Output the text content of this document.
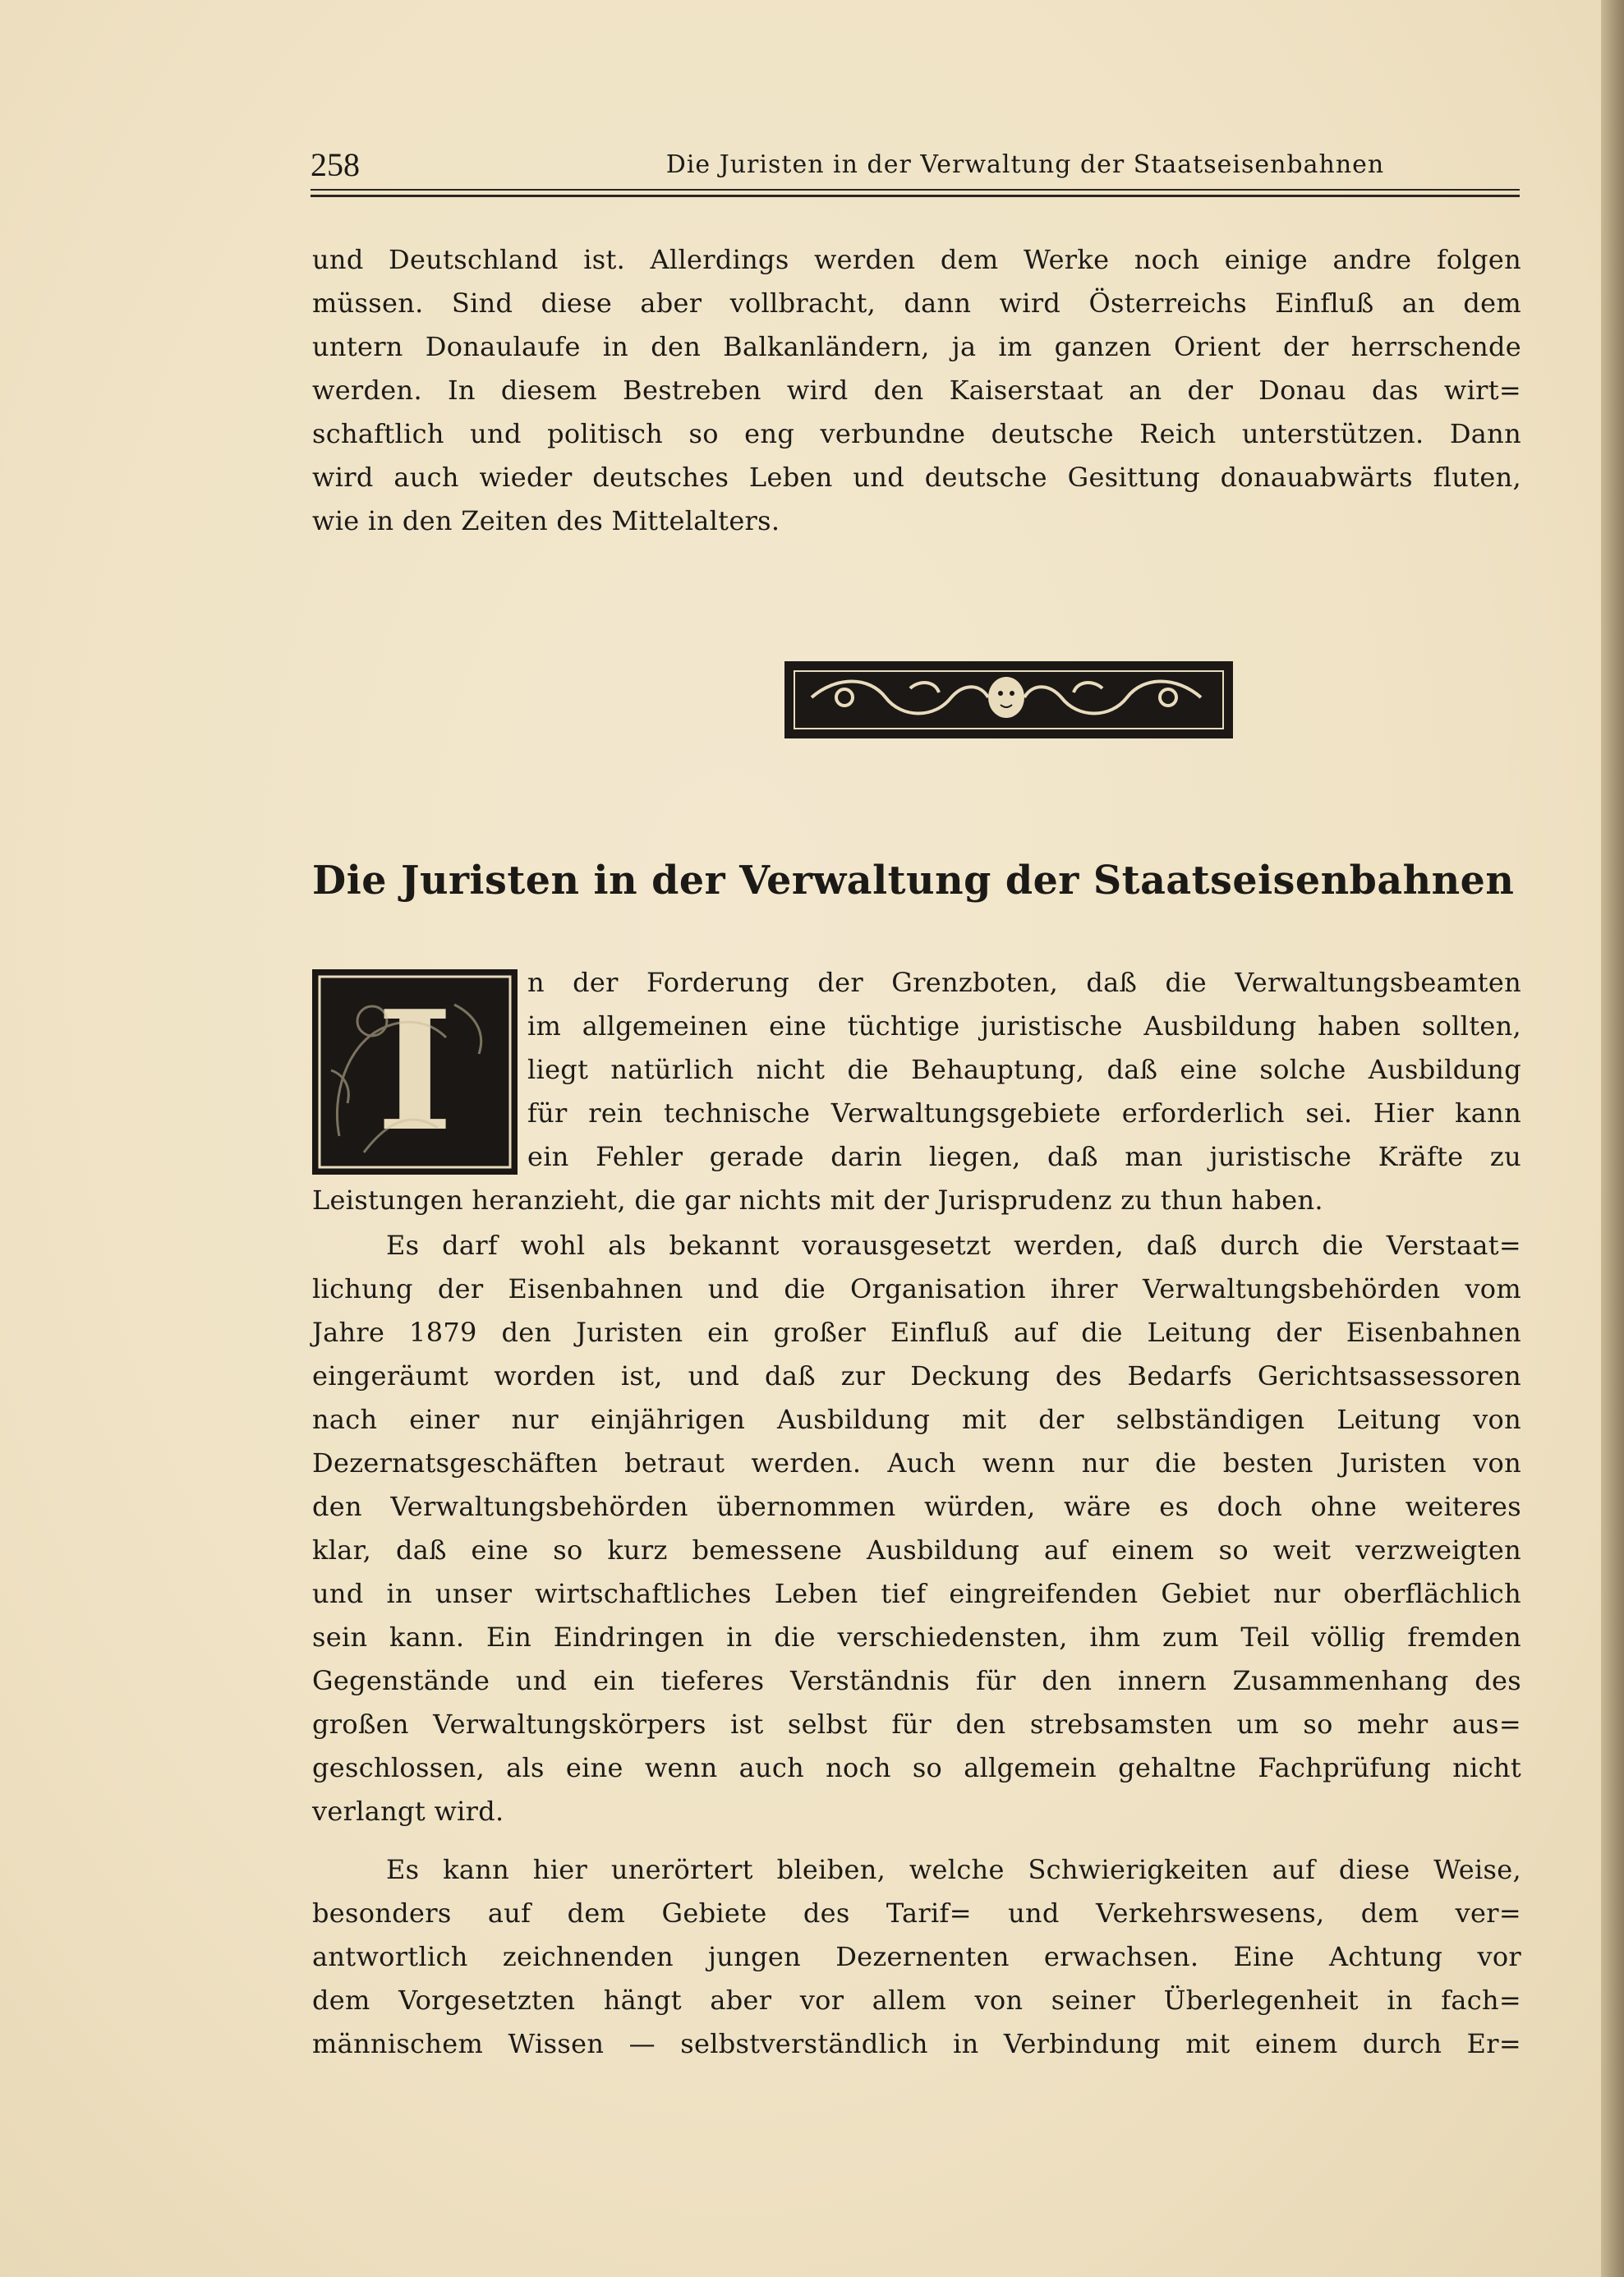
258	Die Juristen in der Verwaltung der Staatseisenbahnen
und Deutschland ist. Allerdings werden dem Werke noch einige andre folgen
müssen. Sind diese aber vollbracht, dann wird Österreichs Einfluß an dem
untern Donaulaufe in den Balkanländern, ja im ganzen Orient der herrschende
werden. In diesem Bestreben wird den Kaiserstaat an der Donau das wirt=
schaftlich und politisch so eng verbundne deutsche Reich unterstützen. Dann
wird auch wieder deutsches Leben und deutsche Gesittung donauabwärts fluten,
wie in den Zeiten des Mittelalters.
Die Juristen in der Verwaltung der Staatseisenbahnen
I	n der Forderung der Grenzboten, daß die Verwaltungsbeamten
im allgemeinen eine tüchtige juristische Ausbildung haben sollten,
liegt natürlich nicht die Behauptung, daß eine solche Ausbildung
für rein technische Verwaltungsgebiete erforderlich sei. Hier kann
ein Fehler gerade darin liegen, daß man juristische Kräfte zu
Leistungen heranzieht, die gar nichts mit der Jurisprudenz zu thun haben.
Es darf wohl als bekannt vorausgesetzt werden, daß durch die Verstaat=
lichung der Eisenbahnen und die Organisation ihrer Verwaltungsbehörden vom
Jahre 1879 den Juristen ein großer Einfluß auf die Leitung der Eisenbahnen
eingeräumt worden ist, und daß zur Deckung des Bedarfs Gerichtsassessoren
nach einer nur einjährigen Ausbildung mit der selbständigen Leitung von
Dezernatsgeschäften betraut werden. Auch wenn nur die besten Juristen von
den Verwaltungsbehörden übernommen würden, wäre es doch ohne weiteres
klar, daß eine so kurz bemessene Ausbildung auf einem so weit verzweigten
und in unser wirtschaftliches Leben tief eingreifenden Gebiet nur oberflächlich
sein kann. Ein Eindringen in die verschiedensten, ihm zum Teil völlig fremden
Gegenstände und ein tieferes Verständnis für den innern Zusammenhang des
großen Verwaltungskörpers ist selbst für den strebsamsten um so mehr aus=
geschlossen, als eine wenn auch noch so allgemein gehaltne Fachprüfung nicht
verlangt wird.
Es kann hier unerörtert bleiben, welche Schwierigkeiten auf diese Weise,
besonders auf dem Gebiete des Tarif= und Verkehrswesens, dem ver=
antwortlich zeichnenden jungen Dezernenten erwachsen. Eine Achtung vor
dem Vorgesetzten hängt aber vor allem von seiner Überlegenheit in fach=
männischem Wissen — selbstverständlich in Verbindung mit einem durch Er=
